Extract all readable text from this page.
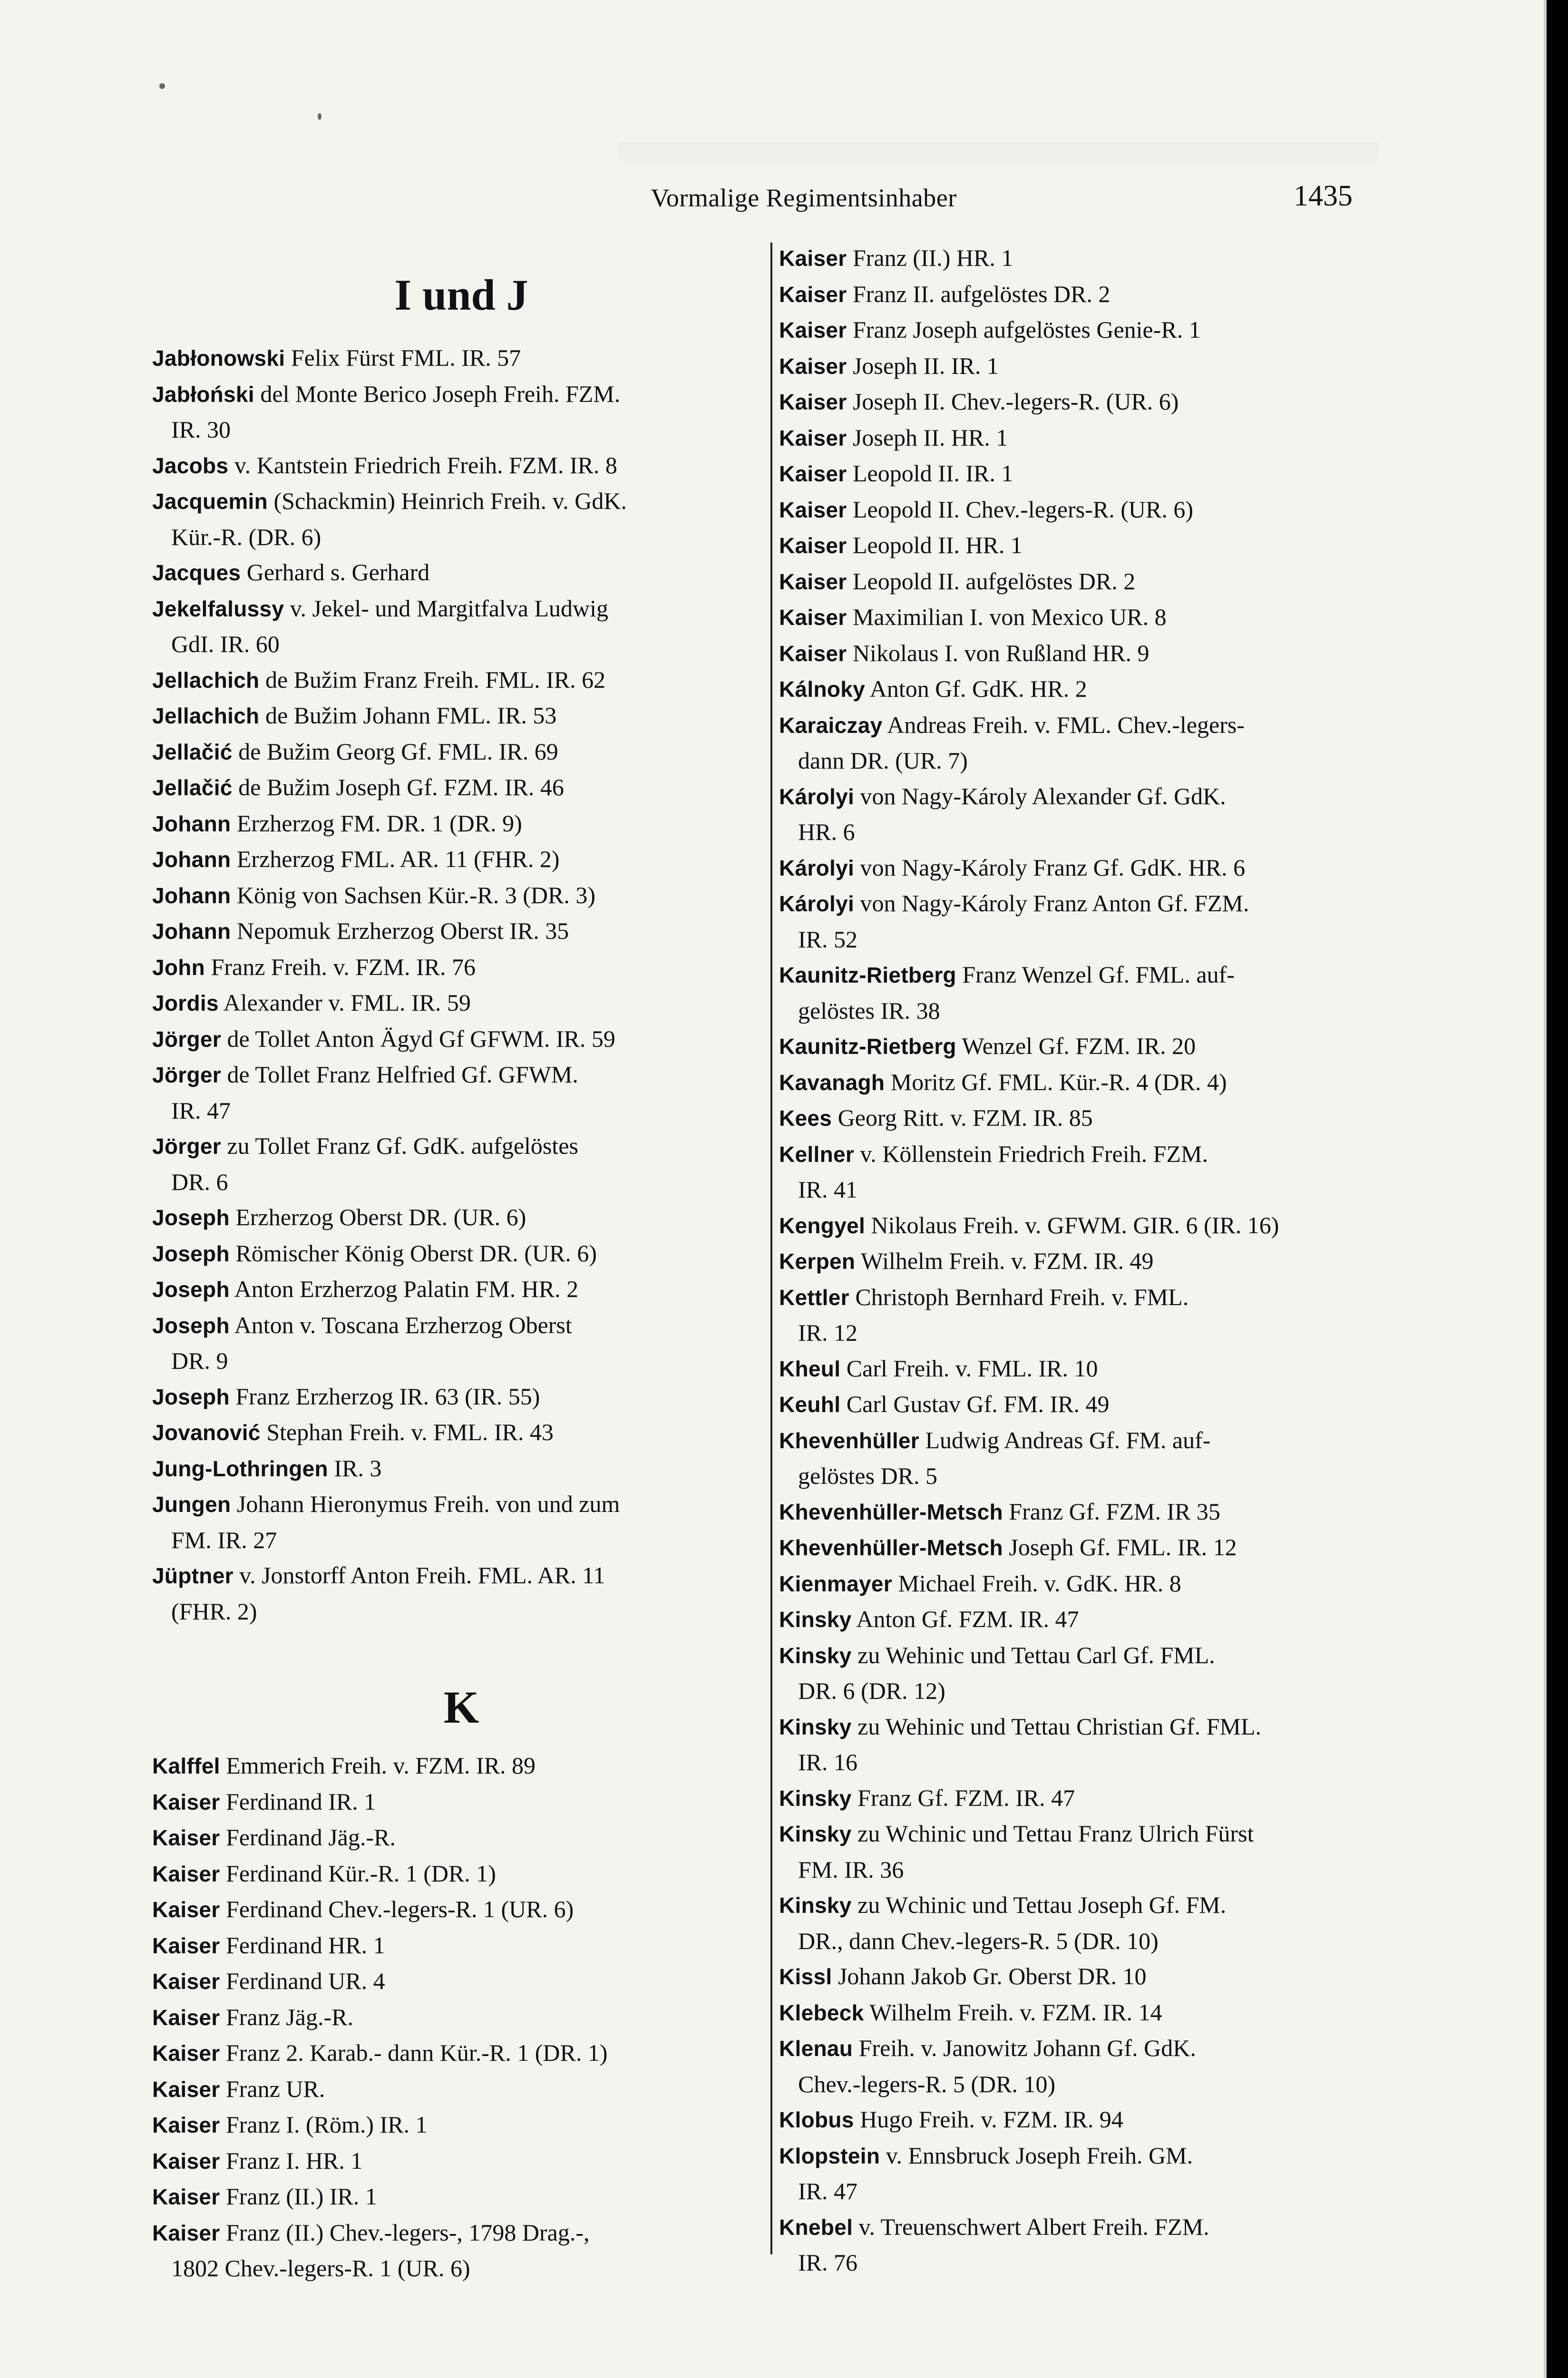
Vormalige Regimentsinhaber	1435
I und J

Jabłonowski Felix Fürst FML. IR. 57

Jabłoński del Monte Berico Joseph Freih. FZM.
IR. 30

Jacobs v. Kantstein Friedrich Freih. FZM. IR. 8

Jacquemin (Schackmin) Heinrich Freih. v. GdK.
Kür.-R. (DR. 6)

Jacques Gerhard s. Gerhard

Jekelfalussy v. Jekel- und Margitfalva Ludwig
GdI. IR. 60

Jellachich de Bužim Franz Freih. FML. IR. 62

Jellachich de Bužim Johann FML. IR. 53

Jellačić de Bužim Georg Gf. FML. IR. 69

Jellačić de Bužim Joseph Gf. FZM. IR. 46

Johann Erzherzog FM. DR. 1 (DR. 9)

Johann Erzherzog FML. AR. 11 (FHR. 2)

Johann König von Sachsen Kür.-R. 3 (DR. 3)

Johann Nepomuk Erzherzog Oberst IR. 35

John Franz Freih. v. FZM. IR. 76

Jordis Alexander v. FML. IR. 59

Jörger de Tollet Anton Ägyd Gf GFWM. IR. 59

Jörger de Tollet Franz Helfried Gf. GFWM.
IR. 47

Jörger zu Tollet Franz Gf. GdK. aufgelöstes
DR. 6

Joseph Erzherzog Oberst DR. (UR. 6)

Joseph Römischer König Oberst DR. (UR. 6)

Joseph Anton Erzherzog Palatin FM. HR. 2

Joseph Anton v. Toscana Erzherzog Oberst
DR. 9

Joseph Franz Erzherzog IR. 63 (IR. 55)

Jovanović Stephan Freih. v. FML. IR. 43

Jung-Lothringen IR. 3

Jungen Johann Hieronymus Freih. von und zum
FM. IR. 27

Jüptner v. Jonstorff Anton Freih. FML. AR. 11
(FHR. 2)

K

Kalffel Emmerich Freih. v. FZM. IR. 89

Kaiser Ferdinand IR. 1

Kaiser Ferdinand Jäg.-R.

Kaiser Ferdinand Kür.-R. 1 (DR. 1)

Kaiser Ferdinand Chev.-legers-R. 1 (UR. 6)

Kaiser Ferdinand HR. 1

Kaiser Ferdinand UR. 4

Kaiser Franz Jäg.-R.

Kaiser Franz 2. Karab.- dann Kür.-R. 1 (DR. 1)

Kaiser Franz UR.

Kaiser Franz I. (Röm.) IR. 1

Kaiser Franz I. HR. 1

Kaiser Franz (II.) IR. 1

Kaiser Franz (II.) Chev.-legers-, 1798 Drag.-,
1802 Chev.-legers-R. 1 (UR. 6)

Kaiser Franz (II.) HR. 1

Kaiser Franz II. aufgelöstes DR. 2

Kaiser Franz Joseph aufgelöstes Genie-R. 1

Kaiser Joseph II. IR. 1

Kaiser Joseph II. Chev.-legers-R. (UR. 6)

Kaiser Joseph II. HR. 1

Kaiser Leopold II. IR. 1

Kaiser Leopold II. Chev.-legers-R. (UR. 6)

Kaiser Leopold II. HR. 1

Kaiser Leopold II. aufgelöstes DR. 2

Kaiser Maximilian I. von Mexico UR. 8

Kaiser Nikolaus I. von Rußland HR. 9

Kálnoky Anton Gf. GdK. HR. 2

Karaiczay Andreas Freih. v. FML. Chev.-legers-
dann DR. (UR. 7)

Károlyi von Nagy-Károly Alexander Gf. GdK.
HR. 6

Károlyi von Nagy-Károly Franz Gf. GdK. HR. 6

Károlyi von Nagy-Károly Franz Anton Gf. FZM.
IR. 52

Kaunitz-Rietberg Franz Wenzel Gf. FML. auf-
gelöstes IR. 38

Kaunitz-Rietberg Wenzel Gf. FZM. IR. 20

Kavanagh Moritz Gf. FML. Kür.-R. 4 (DR. 4)

Kees Georg Ritt. v. FZM. IR. 85

Kellner v. Köllenstein Friedrich Freih. FZM.
IR. 41

Kengyel Nikolaus Freih. v. GFWM. GIR. 6 (IR. 16)

Kerpen Wilhelm Freih. v. FZM. IR. 49

Kettler Christoph Bernhard Freih. v. FML.
IR. 12

Kheul Carl Freih. v. FML. IR. 10

Keuhl Carl Gustav Gf. FM. IR. 49

Khevenhüller Ludwig Andreas Gf. FM. auf-
gelöstes DR. 5

Khevenhüller-Metsch Franz Gf. FZM. IR 35

Khevenhüller-Metsch Joseph Gf. FML. IR. 12

Kienmayer Michael Freih. v. GdK. HR. 8

Kinsky Anton Gf. FZM. IR. 47

Kinsky zu Wehinic und Tettau Carl Gf. FML.
DR. 6 (DR. 12)

Kinsky zu Wehinic und Tettau Christian Gf. FML.
IR. 16

Kinsky Franz Gf. FZM. IR. 47

Kinsky zu Wchinic und Tettau Franz Ulrich Fürst
FM. IR. 36

Kinsky zu Wchinic und Tettau Joseph Gf. FM.
DR., dann Chev.-legers-R. 5 (DR. 10)

Kissl Johann Jakob Gr. Oberst DR. 10

Klebeck Wilhelm Freih. v. FZM. IR. 14

Klenau Freih. v. Janowitz Johann Gf. GdK.
Chev.-legers-R. 5 (DR. 10)

Klobus Hugo Freih. v. FZM. IR. 94

Klopstein v. Ennsbruck Joseph Freih. GM.
IR. 47

Knebel v. Treuenschwert Albert Freih. FZM.
IR. 76
